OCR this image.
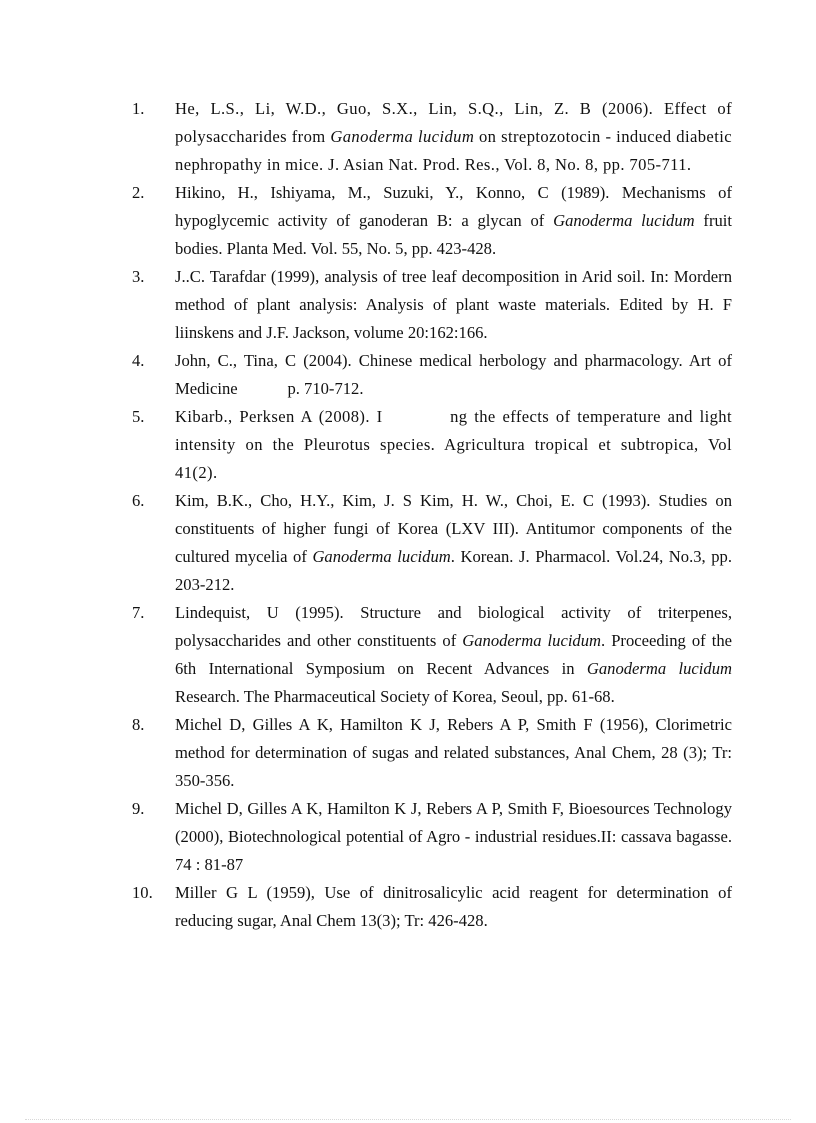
1. He, L.S., Li, W.D., Guo, S.X., Lin, S.Q., Lin, Z. B (2006). Effect of polysaccharides from Ganoderma lucidum on streptozotocin - induced diabetic nephropathy in mice. J. Asian Nat. Prod. Res., Vol. 8, No. 8, pp. 705-711.
2. Hikino, H., Ishiyama, M., Suzuki, Y., Konno, C (1989). Mechanisms of hypoglycemic activity of ganoderan B: a glycan of Ganoderma lucidum fruit bodies. Planta Med. Vol. 55, No. 5, pp. 423-428.
3. J..C. Tarafdar (1999), analysis of tree leaf decomposition in Arid soil. In: Mordern method of plant analysis: Analysis of plant waste materials. Edited by H. F liinskens and J.F. Jackson, volume 20:162:166.
4. John, C., Tina, C (2004). Chinese medical herbology and pharmacology. Art of Medicine            p. 710-712.
5. Kibarb., Perksen A (2008). I          ng the effects of temperature and light intensity on the Pleurotus species. Agricultura tropical et subtropica, Vol 41(2).
6. Kim, B.K., Cho, H.Y., Kim, J. S Kim, H. W., Choi, E. C (1993). Studies on constituents of higher fungi of Korea (LXV III). Antitumor components of the cultured mycelia of Ganoderma lucidum. Korean. J. Pharmacol. Vol.24, No.3, pp. 203-212.
7. Lindequist, U (1995). Structure and biological activity of triterpenes, polysaccharides and other constituents of Ganoderma lucidum. Proceeding of the 6th International Symposium on Recent Advances in Ganoderma lucidum Research. The Pharmaceutical Society of Korea, Seoul, pp. 61-68.
8. Michel D, Gilles A K, Hamilton K J, Rebers A P, Smith F (1956), Clorimetric method for determination of sugas and related substances, Anal Chem, 28 (3); Tr: 350-356.
9. Michel D, Gilles A K, Hamilton K J, Rebers A P, Smith F, Bioesources Technology (2000), Biotechnological potential of Agro - industrial residues.II: cassava bagasse. 74 : 81-87
10. Miller G L (1959), Use of dinitrosalicylic acid reagent for determination of reducing sugar, Anal Chem 13(3); Tr: 426-428.
